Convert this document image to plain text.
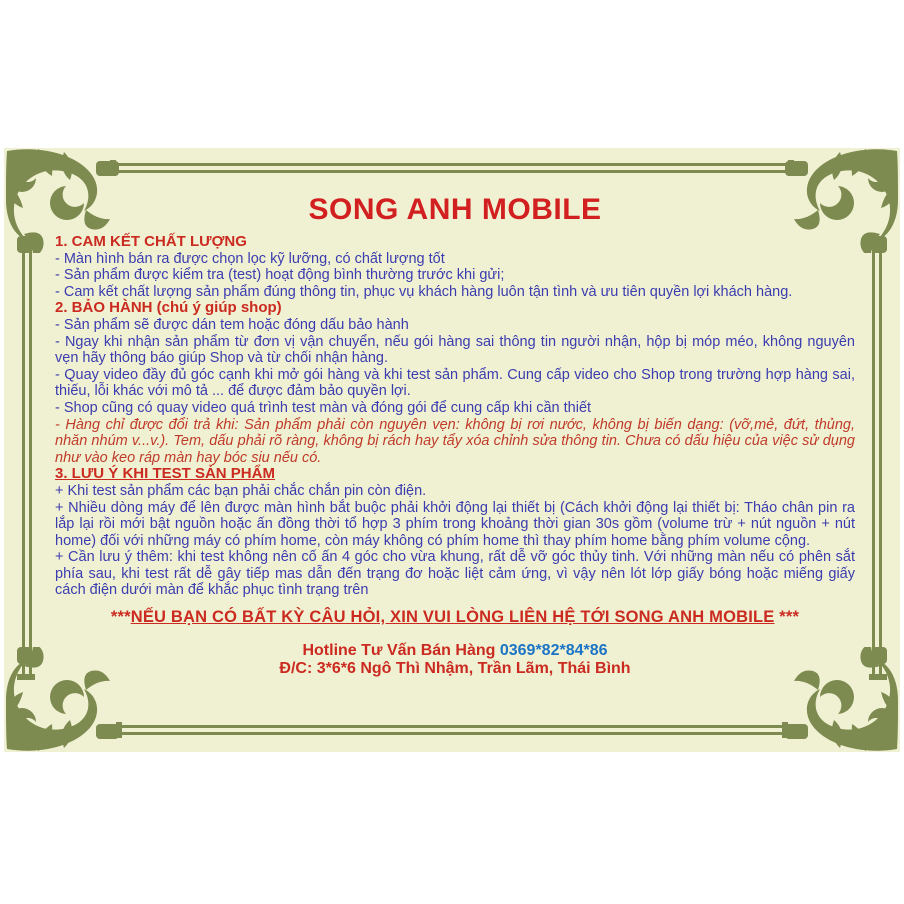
SONG ANH MOBILE

1. CAM KẾT CHẤT LƯỢNG

- Màn hình bán ra được chọn lọc kỹ lưỡng, có chất lượng tốt

- Sản phẩm được kiểm tra (test) hoạt động bình thường trước khi gửi;

- Cam kết chất lượng sản phẩm đúng thông tin, phục vụ khách hàng luôn tận tình và ưu tiên quyền lợi khách hàng.

2. BẢO HÀNH (chú ý giúp shop)

- Sản phẩm sẽ được dán tem hoặc đóng dấu bảo hành

- Ngay khi nhận sản phẩm từ đơn vị vận chuyển, nếu gói hàng sai thông tin người nhận, hộp bị móp méo, không nguyên vẹn hãy thông báo giúp Shop và từ chối nhận hàng.

- Quay video đầy đủ góc cạnh khi mở gói hàng và khi test sản phẩm. Cung cấp video cho Shop trong trường hợp hàng sai, thiếu, lỗi khác với mô tả ... để được đảm bảo quyền lợi.

- Shop cũng có quay video quá trình test màn và đóng gói để cung cấp khi cần thiết

- Hàng chỉ được đổi trả khi: Sản phẩm phải còn nguyên vẹn: không bị rơi nước, không bị biến dạng: (vỡ,mẻ, đứt, thủng, nhăn nhúm v...v.). Tem, dấu phải rõ ràng, không bị rách hay tẩy xóa chỉnh sửa thông tin. Chưa có dấu hiệu của việc sử dụng như vào keo ráp màn hay bóc siu nếu có.

3. LƯU Ý KHI TEST SẢN PHẨM

+ Khi test sản phẩm các bạn phải chắc chắn pin còn điện.

+ Nhiều dòng máy để lên được màn hình bắt buộc phải khởi động lại thiết bị (Cách khởi động lại thiết bị: Tháo chân pin ra lắp lại rồi mới bật nguồn hoặc ấn đồng thời tổ hợp 3 phím trong khoảng thời gian 30s gồm (volume trừ + nút nguồn + nút home) đối với những máy có phím home, còn máy không có phím home thì thay phím home bằng phím volume cộng.

+ Cần lưu ý thêm: khi test không nên cố ấn 4 góc cho vừa khung, rất dễ vỡ góc thủy tinh. Với những màn nếu có phên sắt phía sau, khi test rất dễ gây tiếp mas dẫn đến trạng đơ hoặc liệt cảm ứng, vì vậy nên lót lớp giấy bóng hoặc miếng giấy cách điện dưới màn để khắc phục tình trạng trên

***NẾU BẠN CÓ BẤT KỲ CÂU HỎI, XIN VUI LÒNG LIÊN HỆ TỚI SONG ANH MOBILE ***

Hotline Tư Vấn Bán Hàng 0369*82*84*86

Đ/C: 3*6*6 Ngô Thì Nhậm, Trần Lãm, Thái Bình
